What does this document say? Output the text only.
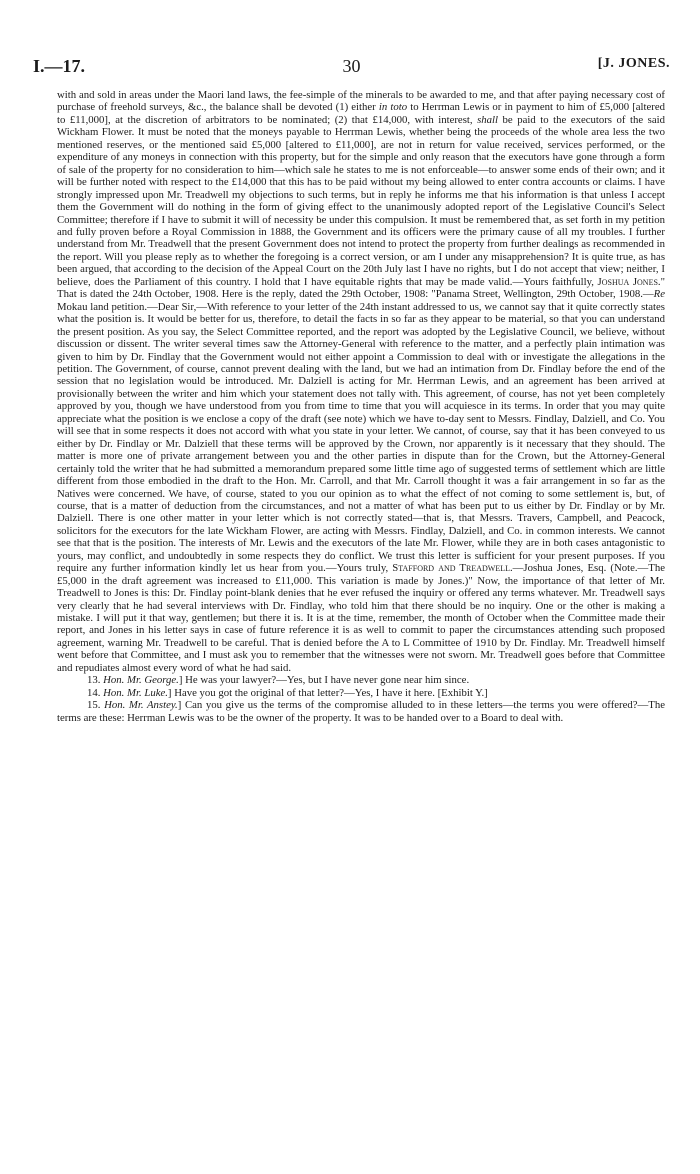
I.—17.	30	[J. JONES.

with and sold in areas under the Maori land laws, the fee-simple of the minerals to be awarded to me, and that after paying necessary cost of purchase of freehold surveys, &c., the balance shall be devoted (1) either in toto to Herrman Lewis or in payment to him of £5,000 [altered to £11,000], at the discretion of arbitrators to be nominated; (2) that £14,000, with interest, shall be paid to the executors of the said Wickham Flower. It must be noted that the moneys payable to Herrman Lewis, whether being the proceeds of the whole area less the two mentioned reserves, or the mentioned said £5,000 [altered to £11,000], are not in return for value received, services performed, or the expenditure of any moneys in connection with this property, but for the simple and only reason that the executors have gone through a form of sale of the property for no consideration to him—which sale he states to me is not enforceable—to answer some ends of their own; and it will be further noted with respect to the £14,000 that this has to be paid without my being allowed to enter contra accounts or claims. I have strongly impressed upon Mr. Treadwell my objections to such terms, but in reply he informs me that his information is that unless I accept them the Government will do nothing in the form of giving effect to the unanimously adopted report of the Legislative Council's Select Committee; therefore if I have to submit it will of necessity be under this compulsion. It must be remembered that, as set forth in my petition and fully proven before a Royal Commission in 1888, the Government and its officers were the primary cause of all my troubles. I further understand from Mr. Treadwell that the present Government does not intend to protect the property from further dealings as recommended in the report. Will you please reply as to whether the foregoing is a correct version, or am I under any misapprehension? It is quite true, as has been argued, that according to the decision of the Appeal Court on the 20th July last I have no rights, but I do not accept that view; neither, I believe, does the Parliament of this country. I hold that I have equitable rights that may be made valid.—Yours faithfully, Joshua Jones." That is dated the 24th October, 1908. Here is the reply, dated the 29th October, 1908: "Panama Street, Wellington, 29th October, 1908.—Re Mokau land petition.—Dear Sir,—With reference to your letter of the 24th instant addressed to us, we cannot say that it quite correctly states what the position is. It would be better for us, therefore, to detail the facts in so far as they appear to be material, so that you can understand the present position. As you say, the Select Committee reported, and the report was adopted by the Legislative Council, we believe, without discussion or dissent. The writer several times saw the Attorney-General with reference to the matter, and a perfectly plain intimation was given to him by Dr. Findlay that the Government would not either appoint a Commission to deal with or investigate the allegations in the petition. The Government, of course, cannot prevent dealing with the land, but we had an intimation from Dr. Findlay before the end of the session that no legislation would be introduced. Mr. Dalziell is acting for Mr. Herrman Lewis, and an agreement has been arrived at provisionally between the writer and him which your statement does not tally with. This agreement, of course, has not yet been completely approved by you, though we have understood from you from time to time that you will acquiesce in its terms. In order that you may quite appreciate what the position is we enclose a copy of the draft (see note) which we have to-day sent to Messrs. Findlay, Dalziell, and Co. You will see that in some respects it does not accord with what you state in your letter. We cannot, of course, say that it has been conveyed to us either by Dr. Findlay or Mr. Dalziell that these terms will be approved by the Crown, nor apparently is it necessary that they should. The matter is more one of private arrangement between you and the other parties in dispute than for the Crown, but the Attorney-General certainly told the writer that he had submitted a memorandum prepared some little time ago of suggested terms of settlement which are little different from those embodied in the draft to the Hon. Mr. Carroll, and that Mr. Carroll thought it was a fair arrangement in so far as the Natives were concerned. We have, of course, stated to you our opinion as to what the effect of not coming to some settlement is, but, of course, that is a matter of deduction from the circumstances, and not a matter of what has been put to us either by Dr. Findlay or by Mr. Dalziell. There is one other matter in your letter which is not correctly stated—that is, that Messrs. Travers, Campbell, and Peacock, solicitors for the executors for the late Wickham Flower, are acting with Messrs. Findlay, Dalziell, and Co. in common interests. We cannot see that that is the position. The interests of Mr. Lewis and the executors of the late Mr. Flower, while they are in both cases antagonistic to yours, may conflict, and undoubtedly in some respects they do conflict. We trust this letter is sufficient for your present purposes. If you require any further information kindly let us hear from you.—Yours truly, Stafford and Treadwell.—Joshua Jones, Esq. (Note.—The £5,000 in the draft agreement was increased to £11,000. This variation is made by Jones.)" Now, the importance of that letter of Mr. Treadwell to Jones is this: Dr. Findlay point-blank denies that he ever refused the inquiry or offered any terms whatever. Mr. Treadwell says very clearly that he had several interviews with Dr. Findlay, who told him that there should be no inquiry. One or the other is making a mistake. I will put it that way, gentlemen; but there it is. It is at the time, remember, the month of October when the Committee made their report, and Jones in his letter says in case of future reference it is as well to commit to paper the circumstances attending such proposed agreement, warning Mr. Treadwell to be careful. That is denied before the A to L Committee of 1910 by Dr. Findlay. Mr. Treadwell himself went before that Committee, and I must ask you to remember that the witnesses were not sworn. Mr. Treadwell goes before that Committee and repudiates almost every word of what he had said.

13. Hon. Mr. George.] He was your lawyer?—Yes, but I have never gone near him since.

14. Hon. Mr. Luke.] Have you got the original of that letter?—Yes, I have it here. [Exhibit Y.]

15. Hon. Mr. Anstey.] Can you give us the terms of the compromise alluded to in these letters—the terms you were offered?—The terms are these: Herrman Lewis was to be the owner of the property. It was to be handed over to a Board to deal with.
